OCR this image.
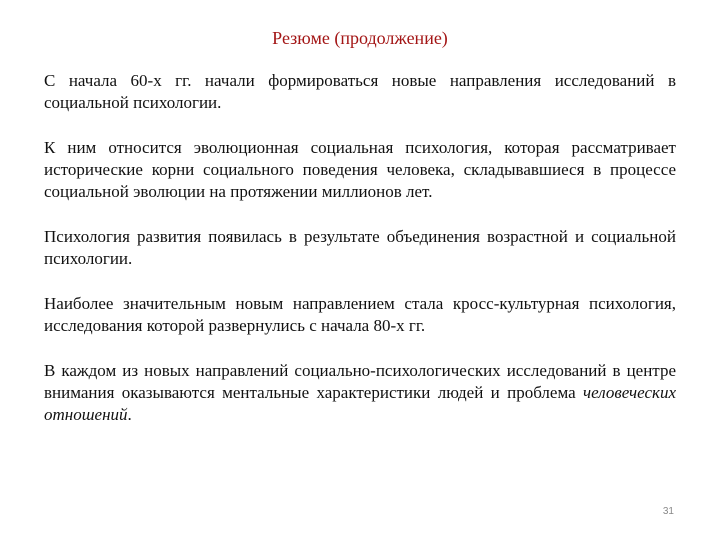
Резюме (продолжение)

С начала 60-х гг. начали формироваться новые направления исследований в социальной психологии.

К ним относится эволюционная социальная психология, которая рассматривает исторические корни социального поведения человека, складывавшиеся в процессе социальной эволюции на протяжении миллионов лет.

Психология развития появилась в результате объединения возрастной и социальной психологии.

Наиболее значительным новым направлением стала кросс-культурная психология, исследования которой развернулись с начала 80-х гг.

В каждом из новых направлений социально-психологических исследований в центре внимания оказываются ментальные характеристики людей и проблема человеческих отношений.

31
